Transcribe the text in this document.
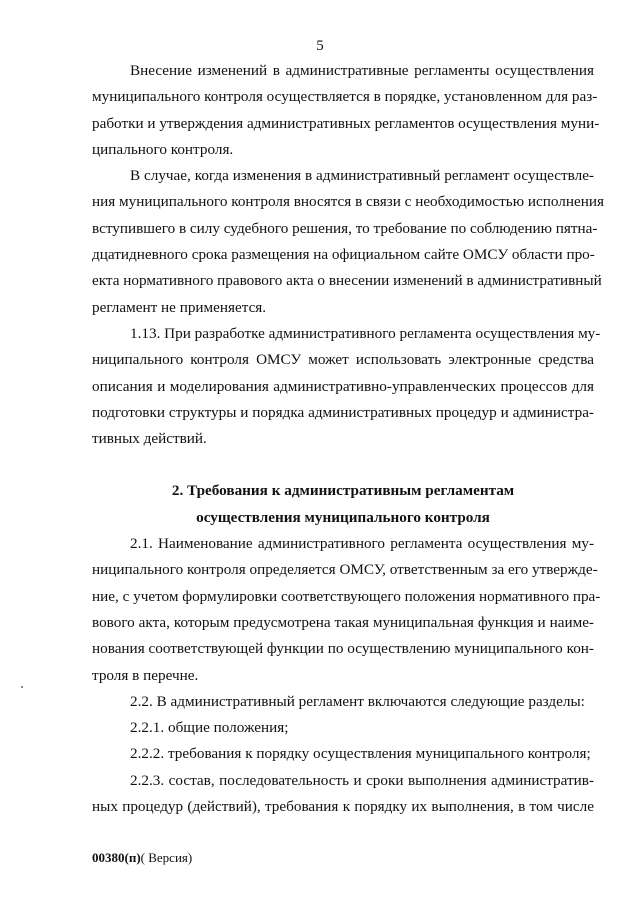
5
Внесение изменений в административные регламенты осуществления
муниципального контроля осуществляется в порядке, установленном для раз-
работки и утверждения административных регламентов осуществления муни-
ципального контроля.
В случае, когда изменения в административный регламент осуществле-
ния муниципального контроля вносятся в связи с необходимостью исполнения
вступившего в силу судебного решения, то требование по соблюдению пятна-
дцатидневного срока размещения на официальном сайте ОМСУ области про-
екта нормативного правового акта о внесении изменений в административный
регламент не применяется.
1.13. При разработке административного регламента осуществления му-
ниципального контроля ОМСУ может использовать электронные средства
описания и моделирования административно-управленческих процессов для
подготовки структуры и порядка административных процедур и администра-
тивных действий.
2. Требования к административным регламентам
осуществления муниципального контроля
2.1. Наименование административного регламента осуществления му-
ниципального контроля определяется ОМСУ, ответственным за его утвержде-
ние, с учетом формулировки соответствующего положения нормативного пра-
вового акта, которым предусмотрена такая муниципальная функция и наиме-
нования соответствующей функции по осуществлению муниципального кон-
троля в перечне.
2.2. В административный регламент включаются следующие разделы:
2.2.1. общие положения;
2.2.2. требования к порядку осуществления муниципального контроля;
2.2.3. состав, последовательность и сроки выполнения административ-
ных процедур (действий), требования к порядку их выполнения, в том числе
00380(п)( Версия)
